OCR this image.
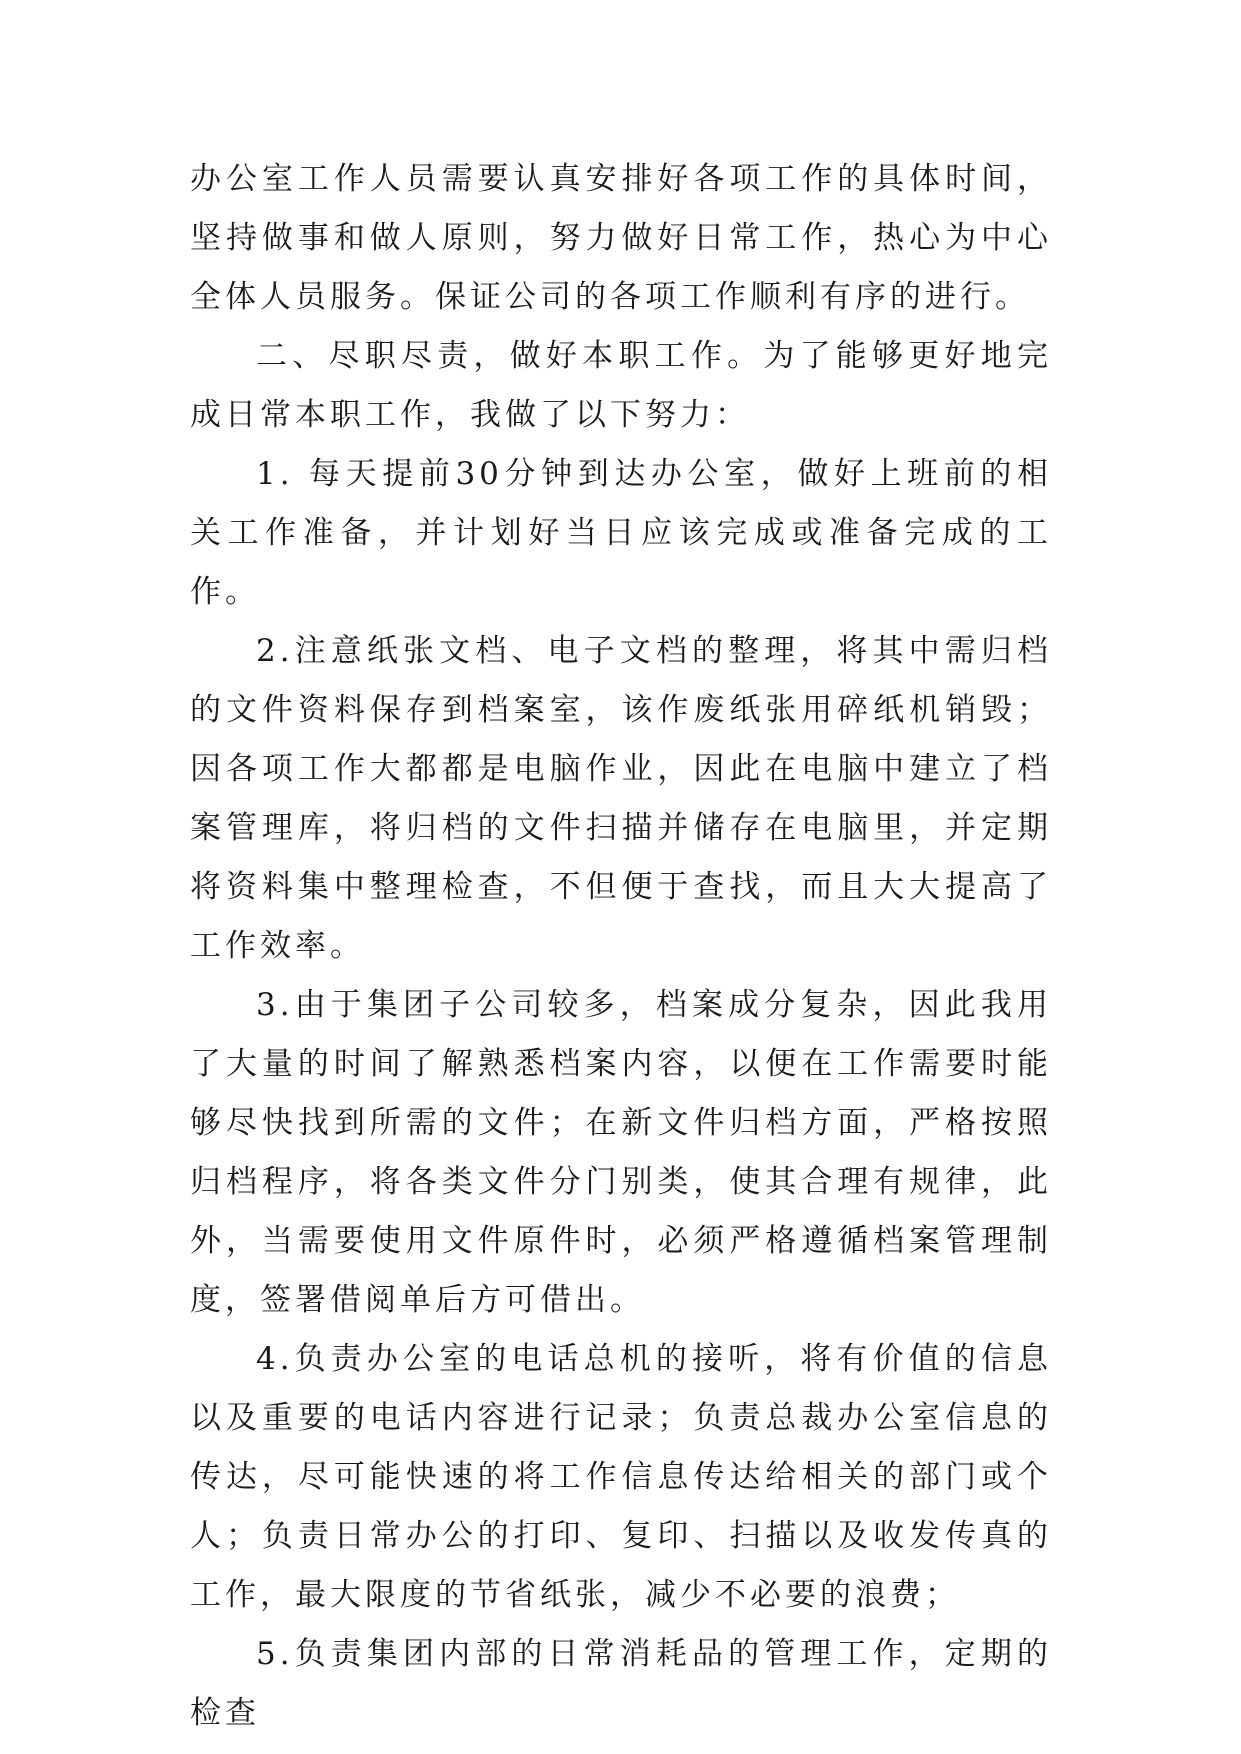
办公室工作人员需要认真安排好各项工作的具体时间，坚持做事和做人原则，努力做好日常工作，热心为中心全体人员服务。保证公司的各项工作顺利有序的进行。

二、尽职尽责，做好本职工作。为了能够更好地完成日常本职工作，我做了以下努力：

1. 每天提前30分钟到达办公室，做好上班前的相关工作准备，并计划好当日应该完成或准备完成的工作。

2.注意纸张文档、电子文档的整理，将其中需归档的文件资料保存到档案室，该作废纸张用碎纸机销毁；因各项工作大都都是电脑作业，因此在电脑中建立了档案管理库，将归档的文件扫描并储存在电脑里，并定期将资料集中整理检查，不但便于查找，而且大大提高了工作效率。

3.由于集团子公司较多，档案成分复杂，因此我用了大量的时间了解熟悉档案内容，以便在工作需要时能够尽快找到所需的文件；在新文件归档方面，严格按照归档程序，将各类文件分门别类，使其合理有规律，此外，当需要使用文件原件时，必须严格遵循档案管理制度，签署借阅单后方可借出。

4.负责办公室的电话总机的接听，将有价值的信息以及重要的电话内容进行记录；负责总裁办公室信息的传达，尽可能快速的将工作信息传达给相关的部门或个人；负责日常办公的打印、复印、扫描以及收发传真的工作，最大限度的节省纸张，减少不必要的浪费；

5.负责集团内部的日常消耗品的管理工作，定期的检查
